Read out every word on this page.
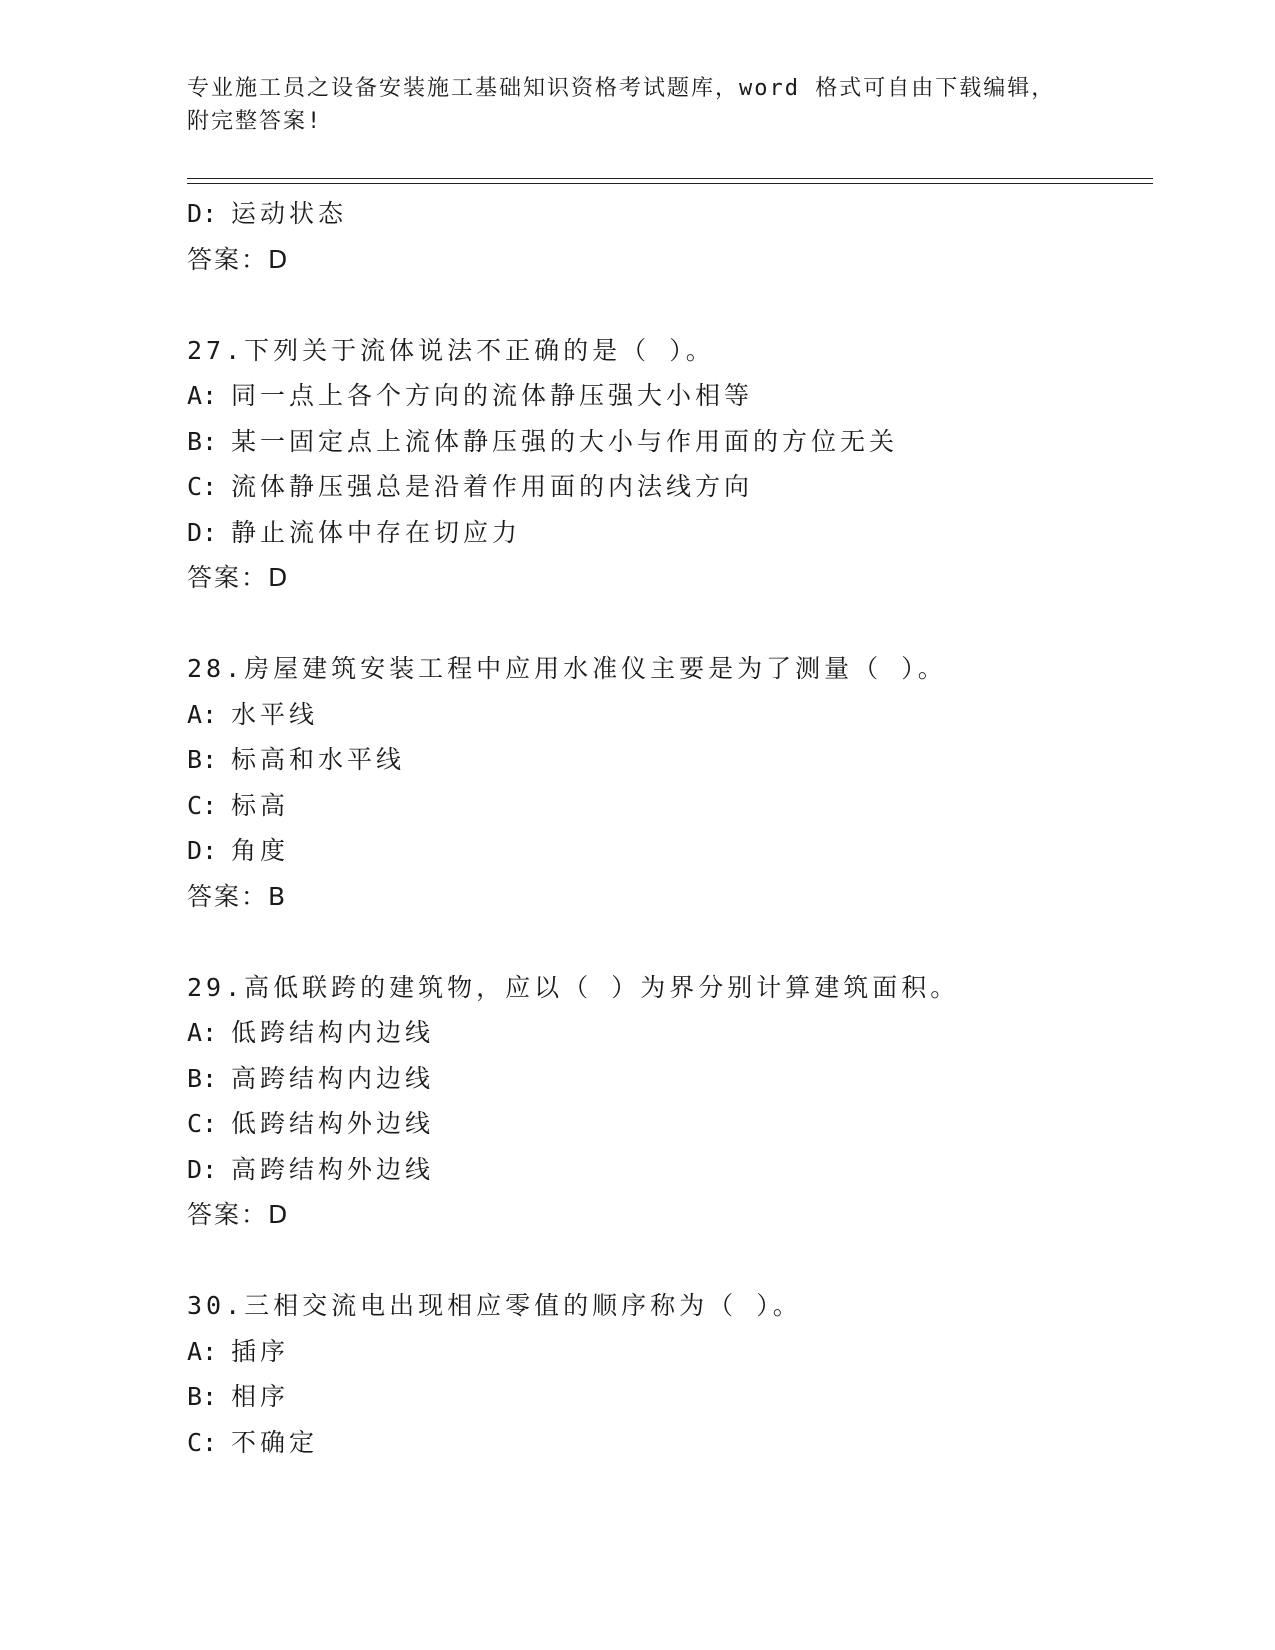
专业施工员之设备安装施工基础知识资格考试题库，word 格式可自由下载编辑，
附完整答案!
D: 运动状态
答案：D
27.下列关于流体说法不正确的是（ ）。
A: 同一点上各个方向的流体静压强大小相等
B: 某一固定点上流体静压强的大小与作用面的方位无关
C: 流体静压强总是沿着作用面的内法线方向
D: 静止流体中存在切应力
答案：D
28.房屋建筑安装工程中应用水准仪主要是为了测量（ ）。
A: 水平线
B: 标高和水平线
C: 标高
D: 角度
答案：B
29.高低联跨的建筑物，应以（ ）为界分别计算建筑面积。
A: 低跨结构内边线
B: 高跨结构内边线
C: 低跨结构外边线
D: 高跨结构外边线
答案：D
30.三相交流电出现相应零值的顺序称为（ ）。
A: 插序
B: 相序
C: 不确定
